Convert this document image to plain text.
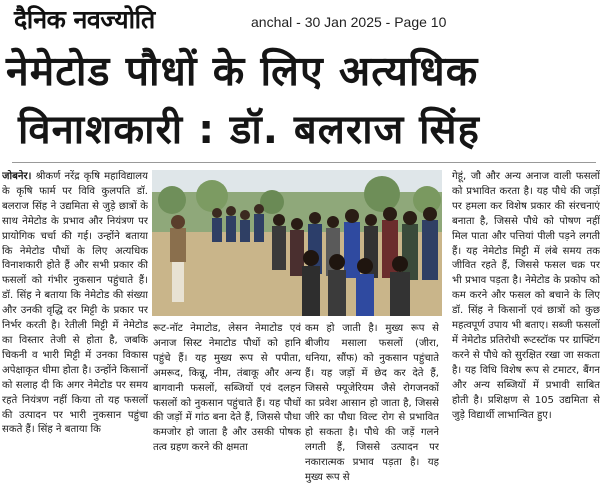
दैनिक नवज्योति	anchal - 30 Jan 2025 - Page 10
नेमेटोड पौधों के लिए अत्यधिक
विनाशकारी : डॉ. बलराज सिंह

जोबनेर। श्रीकर्ण नरेंद्र कृषि महाविद्यालय के कृषि फार्म पर विवि कुलपति डॉ. बलराज सिंह ने उद्यमिता से जुड़े छात्रों के साथ नेमेटोड के प्रभाव और नियंत्रण पर प्रायोगिक चर्चा की गई। उन्होंने बताया कि नेमेटोड पौधों के लिए अत्यधिक विनाशकारी होते हैं और सभी प्रकार की फसलों को गंभीर नुकसान पहुंचाते हैं। डॉ. सिंह ने बताया कि नेमेटोड की संख्या और उनकी वृद्धि दर मिट्टी के प्रकार पर निर्भर करती है। रेतीली मिट्टी में नेमेटोड का विस्तार तेजी से होता है, जबकि चिकनी व भारी मिट्टी में उनका विकास अपेक्षाकृत धीमा होता है। उन्होंने किसानों को सलाह दी कि अगर नेमेटोड पर समय रहते नियंत्रण नहीं किया तो यह फसलों की उत्पादन पर भारी नुकसान पहुंचा सकते हैं। सिंह ने बताया कि

रूट-नॉट नेमाटोड, लेसन नेमाटोड एवं अनाज सिस्ट नेमाटोड पौधों को हानि पहुंचे हैं। यह मुख्य रूप से पपीता, अमरूद, किन्नू, नीम, तंबाकू और अन्य बागवानी फसलों, सब्जियों एवं दलहन फसलों को नुकसान पहुंचाते हैं। यह पौधों की जड़ों में गांठ बना देते हैं, जिससे पौधा कमजोर हो जाता है और उसकी पोषक तत्व ग्रहण करने की क्षमता

कम हो जाती है। मुख्य रूप से बीजीय मसाला फसलों (जीरा, धनिया, सौंफ) को नुकसान पहुंचाते हैं। यह जड़ों में छेद कर देते हैं, जिससे फ्यूजेरियम जैसे रोगजनकों का प्रवेश आसान हो जाता है, जिससे जीरे का पौधा विल्ट रोग से प्रभावित हो सकता है। पौधे की जड़ें गलने लगती हैं, जिससे उत्पादन पर नकारात्मक प्रभाव पड़ता है। यह मुख्य रूप से

गेहूं, जौ और अन्य अनाज वाली फसलों को प्रभावित करता है। यह पौधे की जड़ों पर हमला कर विशेष प्रकार की संरचनाएं बनाता है, जिससे पौधे को पोषण नहीं मिल पाता और पत्तियां पीली पड़ने लगती हैं। यह नेमेटोड मिट्टी में लंबे समय तक जीवित रहते हैं, जिससे फसल चक्र पर भी प्रभाव पड़ता है। नेमेटोड के प्रकोप को कम करने और फसल को बचाने के लिए डॉ. सिंह ने किसानों एवं छात्रों को कुछ महत्वपूर्ण उपाय भी बताए। सब्जी फसलों में नेमेटोड प्रतिरोधी रूटस्टॉक पर ग्राफ्टिंग करने से पौधे को सुरक्षित रखा जा सकता है। यह विधि विशेष रूप से टमाटर, बैंगन और अन्य सब्जियों में प्रभावी साबित होती है। प्रशिक्षण से 105 उद्यमिता से जुड़े विद्यार्थी लाभान्वित हुए।
